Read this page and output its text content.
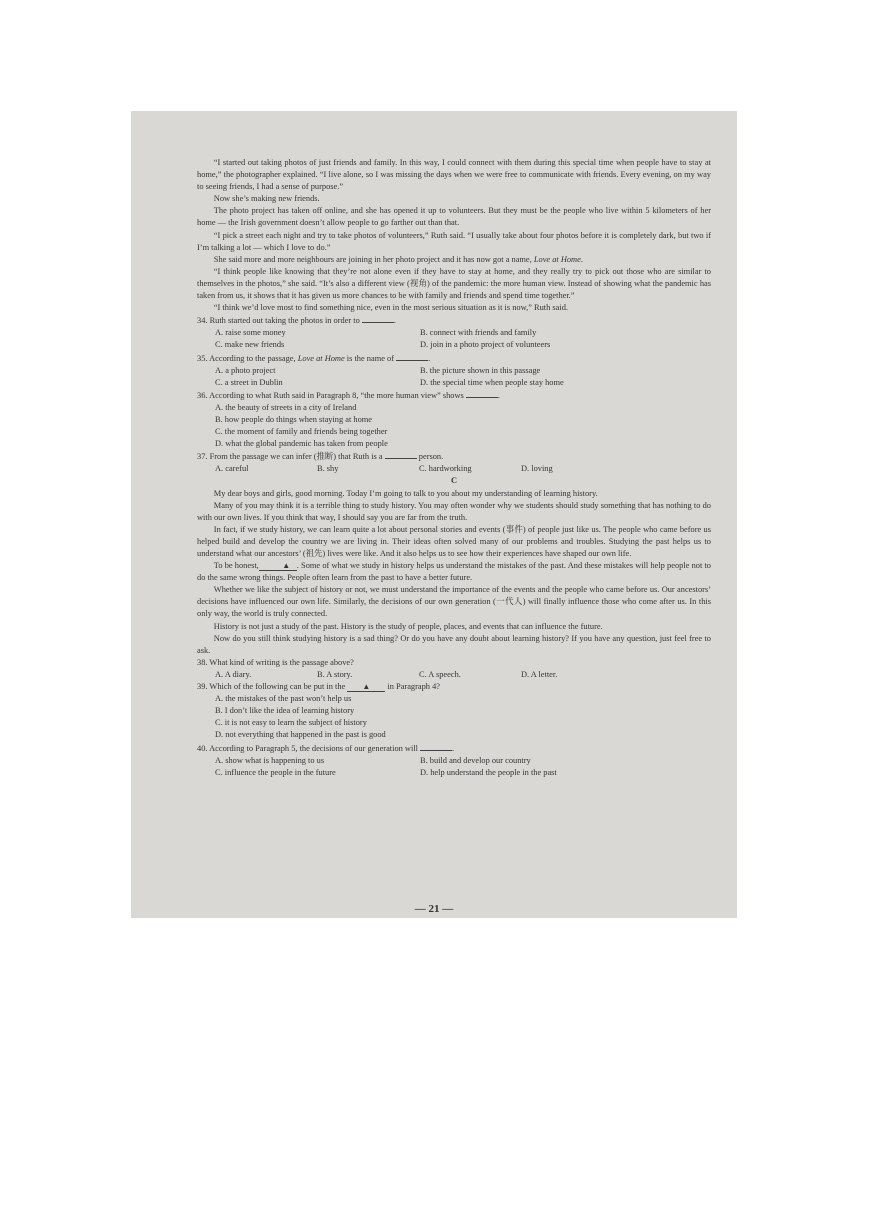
“I started out taking photos of just friends and family. In this way, I could connect with them during this special time when people have to stay at home,” the photographer explained. “I live alone, so I was missing the days when we were free to communicate with friends. Every evening, on my way to seeing friends, I had a sense of purpose.”

Now she’s making new friends.

The photo project has taken off online, and she has opened it up to volunteers. But they must be the people who live within 5 kilometers of her home — the Irish government doesn’t allow people to go farther out than that.

“I pick a street each night and try to take photos of volunteers,” Ruth said. “I usually take about four photos before it is completely dark, but two if I’m talking a lot — which I love to do.”

She said more and more neighbours are joining in her photo project and it has now got a name, Love at Home.

“I think people like knowing that they’re not alone even if they have to stay at home, and they really try to pick out those who are similar to themselves in the photos,” she said. “It’s also a different view (视角) of the pandemic: the more human view. Instead of showing what the pandemic has taken from us, it shows that it has given us more chances to be with family and friends and spend time together.”

“I think we’d love most to find something nice, even in the most serious situation as it is now,” Ruth said.

34. Ruth started out taking the photos in order to	.

A. raise some money	B. connect with friends and family
C. make new friends	D. join in a photo project of volunteers

35. According to the passage, Love at Home is the name of	.

A. a photo project	B. the picture shown in this passage
C. a street in Dublin	D. the special time when people stay home

36. According to what Ruth said in Paragraph 8, “the more human view” shows	.

A. the beauty of streets in a city of Ireland
B. how people do things when staying at home
C. the moment of family and friends being together
D. what the global pandemic has taken from people

37. From the passage we can infer (推断) that Ruth is a	person.

A. careful	B. shy	C. hardworking	D. loving

C

My dear boys and girls, good morning. Today I’m going to talk to you about my understanding of learning history.

Many of you may think it is a terrible thing to study history. You may often wonder why we students should study something that has nothing to do with our own lives. If you think that way, I should say you are far from the truth.

In fact, if we study history, we can learn quite a lot about personal stories and events (事件) of people just like us. The people who came before us helped build and develop the country we are living in. Their ideas often solved many of our problems and troubles. Studying the past helps us to understand what our ancestors’ (祖先) lives were like. And it also helps us to see how their experiences have shaped our own life.

To be honest,	▲ . Some of what we study in history helps us understand the mistakes of the past. And these mistakes will help people not to do the same wrong things. People often learn from the past to have a better future.

Whether we like the subject of history or not, we must understand the importance of the events and the people who came before us. Our ancestors’ decisions have influenced our own life. Similarly, the decisions of our own generation (一代人) will finally influence those who come after us. In this only way, the world is truly connected.

History is not just a study of the past. History is the study of people, places, and events that can influence the future.

Now do you still think studying history is a sad thing? Or do you have any doubt about learning history? If you have any question, just feel free to ask.

38. What kind of writing is the passage above?

A. A diary.	B. A story.	C. A speech.	D. A letter.

39. Which of the following can be put in the ▲ in Paragraph 4?

A. the mistakes of the past won’t help us
B. I don’t like the idea of learning history
C. it is not easy to learn the subject of history
D. not everything that happened in the past is good

40. According to Paragraph 5, the decisions of our generation will	.

A. show what is happening to us	B. build and develop our country
C. influence the people in the future	D. help understand the people in the past
— 21 —
